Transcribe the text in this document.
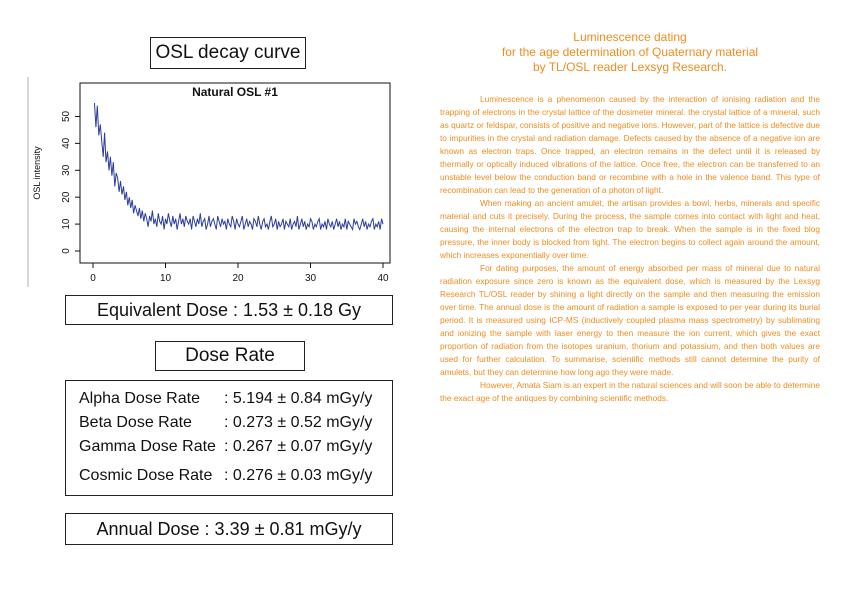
OSL decay curve
Natural OSL #1
0
10
20
30
40
50
0	10	20	30	40
OSL intensity
Equivalent Dose : 1.53 ± 0.18 Gy
Dose Rate
Alpha Dose Rate : 5.194 ± 0.84 mGy/y
Beta Dose Rate : 0.273 ± 0.52 mGy/y
Gamma Dose Rate : 0.267 ± 0.07 mGy/y
Cosmic Dose Rate : 0.276 ± 0.03 mGy/y
Annual Dose : 3.39 ± 0.81 mGy/y
Luminescence dating
for the age determination of Quaternary material
by TL/OSL reader Lexsyg Research.

Luminescence is a phenomenon caused by the interaction of ionising radiation and the trapping of electrons in the crystal lattice of the dosimeter mineral. the crystal lattice of a mineral, such as quartz or feldspar, consists of positive and negative ions. However, part of the lattice is defective due to impurities in the crystal and radiation damage. Defects caused by the absence of a negative ion are known as electron traps. Once trapped, an electron remains in the defect until it is released by thermally or optically induced vibrations of the lattice. Once free, the electron can be transferred to an unstable level below the conduction band or recombine with a hole in the valence band. This type of recombination can lead to the generation of a photon of light.

When making an ancient amulet, the artisan provides a bowl, herbs, minerals and specific material and cuts it precisely. During the process, the sample comes into contact with light and heat, causing the internal electrons of the electron trap to break. When the sample is in the fixed blog pressure, the inner body is blocked from light. The electron begins to collect again around the amount, which increases exponentially over time.

For dating purposes, the amount of energy absorbed per mass of mineral due to natural radiation exposure since zero is known as the equivalent dose, which is measured by the Lexsyg Research TL/OSL reader by shining a light directly on the sample and then measuring the emission over time. The annual dose is the amount of radiation a sample is exposed to per year during its burial period. It is measured using ICP-MS (inductively coupled plasma mass spectrometry) by sublimating and ionizing the sample with laser energy to then measure the ion current, which gives the exact proportion of radiation from the isotopes uranium, thorium and potassium, and then both values are used for further calculation. To summarise, scientific methods still cannot determine the purity of amulets, but they can determine how long ago they were made.

However, Amata Siam is an expert in the natural sciences and will soon be able to determine the exact age of the antiques by combining scientific methods.
